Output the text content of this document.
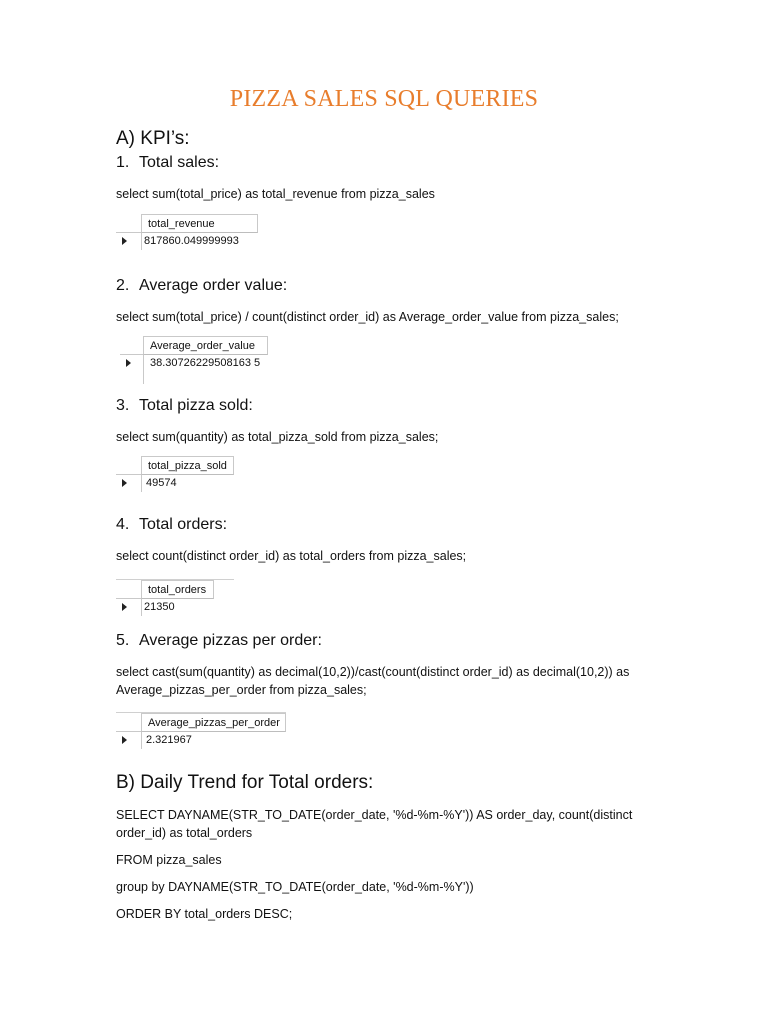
PIZZA SALES SQL QUERIES
A) KPI’s:
1. Total sales:
select sum(total_price) as total_revenue from pizza_sales
total_revenue
817860.049999993
2. Average order value:
select sum(total_price) / count(distinct order_id) as Average_order_value from pizza_sales;
Average_order_value
38.30726229508163 5
3. Total pizza sold:
select sum(quantity) as total_pizza_sold from pizza_sales;
total_pizza_sold
49574
4. Total orders:
select count(distinct order_id) as total_orders from pizza_sales;
total_orders
21350
5. Average pizzas per order:
select cast(sum(quantity) as decimal(10,2))/cast(count(distinct order_id) as decimal(10,2)) as
Average_pizzas_per_order from pizza_sales;
Average_pizzas_per_order
2.321967
B) Daily Trend for Total orders:
SELECT DAYNAME(STR_TO_DATE(order_date, '%d-%m-%Y')) AS order_day, count(distinct
order_id) as total_orders
FROM pizza_sales
group by DAYNAME(STR_TO_DATE(order_date, '%d-%m-%Y'))
ORDER BY total_orders DESC;
